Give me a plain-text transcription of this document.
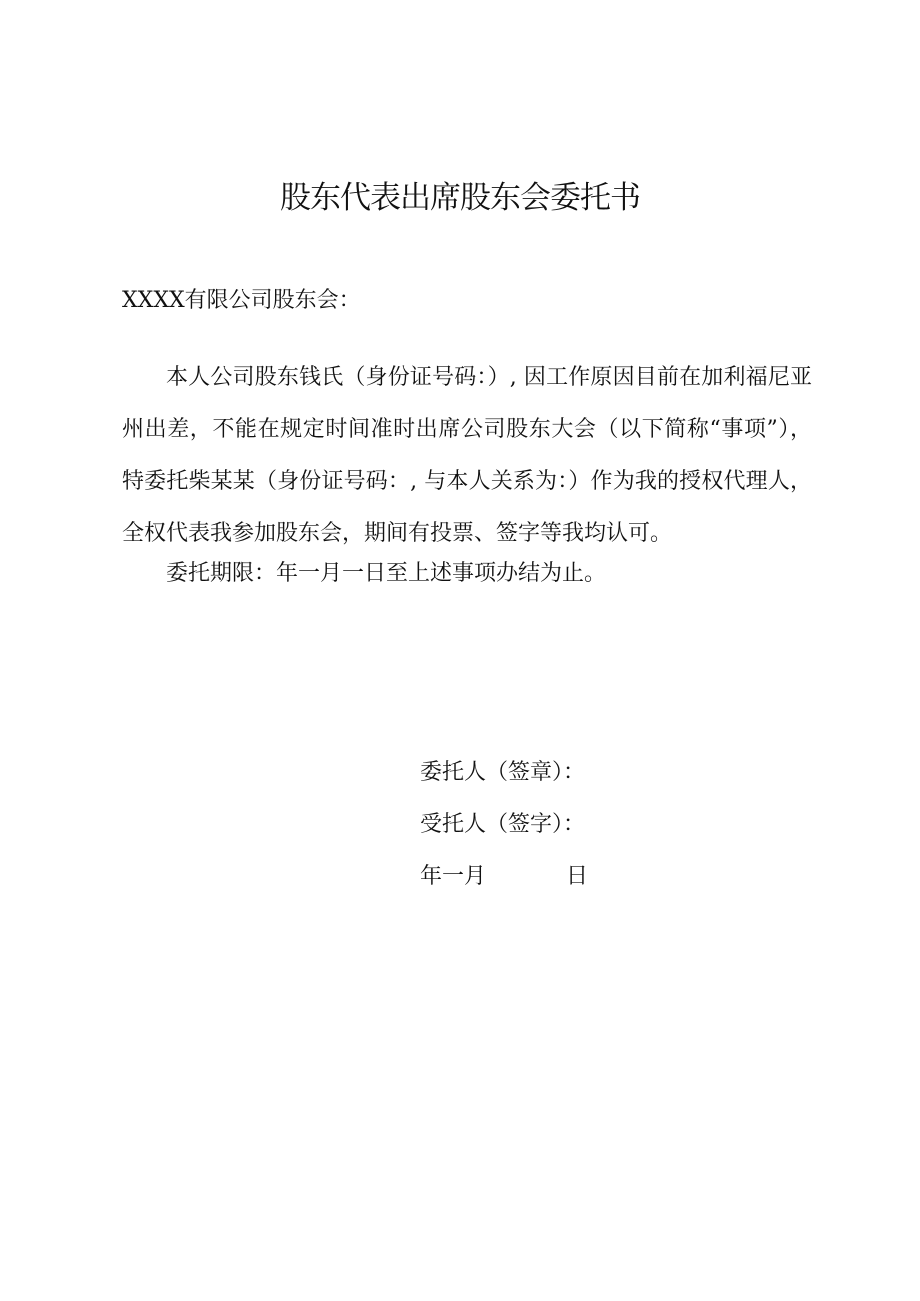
股东代表出席股东会委托书
XXXX有限公司股东会：

本人公司股东钱氏（身份证号码：）, 因工作原因目前在加利福尼亚州出差，不能在规定时间准时出席公司股东大会（以下简称“事项”），特委托柴某某（身份证号码：, 与本人关系为：）作为我的授权代理人，全权代表我参加股东会，期间有投票、签字等我均认可。

委托期限：年一月一日至上述事项办结为止。

委托人（签章）：
受托人（签字）：
年一月	日
